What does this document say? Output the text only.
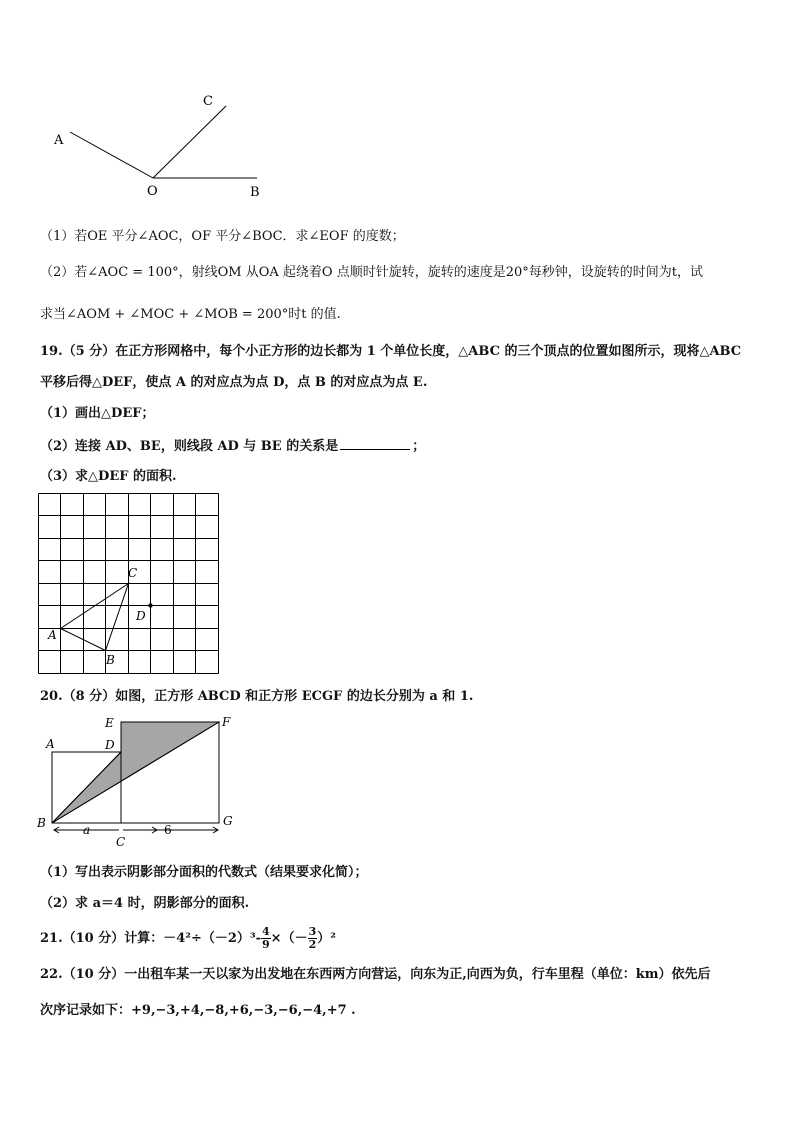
A
C
O	B
（1）若OE 平分∠AOC，OF 平分∠BOC．求∠EOF 的度数；
（2）若∠AOC = 100°，射线OM 从OA 起绕着O 点顺时针旋转，旋转的速度是20°每秒钟，设旋转的时间为t，试
求当∠AOM + ∠MOC + ∠MOB = 200°时t 的值.
19.（5 分）在正方形网格中，每个小正方形的边长都为 1 个单位长度，△ABC 的三个顶点的位置如图所示，现将△ABC
平移后得△DEF，使点 A 的对应点为点 D，点 B 的对应点为点 E.
（1）画出△DEF；
（2）连接 AD、BE，则线段 AD 与 BE 的关系是	；
（3）求△DEF 的面积.
A
B
C
D
20.（8 分）如图，正方形 ABCD 和正方形 ECGF 的边长分别为 a 和 1.
A
B
C
D
E	F
G
a	6
（1）写出表示阴影部分面积的代数式（结果要求化简）；
（2）求 a＝4 时，阴影部分的面积.
21.（10 分）计算：$-4^2\div(-2)^3- \frac{4}{9}$ ×（－ $\frac{3}{2} )^2$
22.（10 分）一出租车某一天以家为出发地在东西两方向营运，向东为正,向西为负，行车里程（单位：km）依先后
次序记录如下：+9,−3,+4,−8,+6,−3,−6,−4,+7 .
